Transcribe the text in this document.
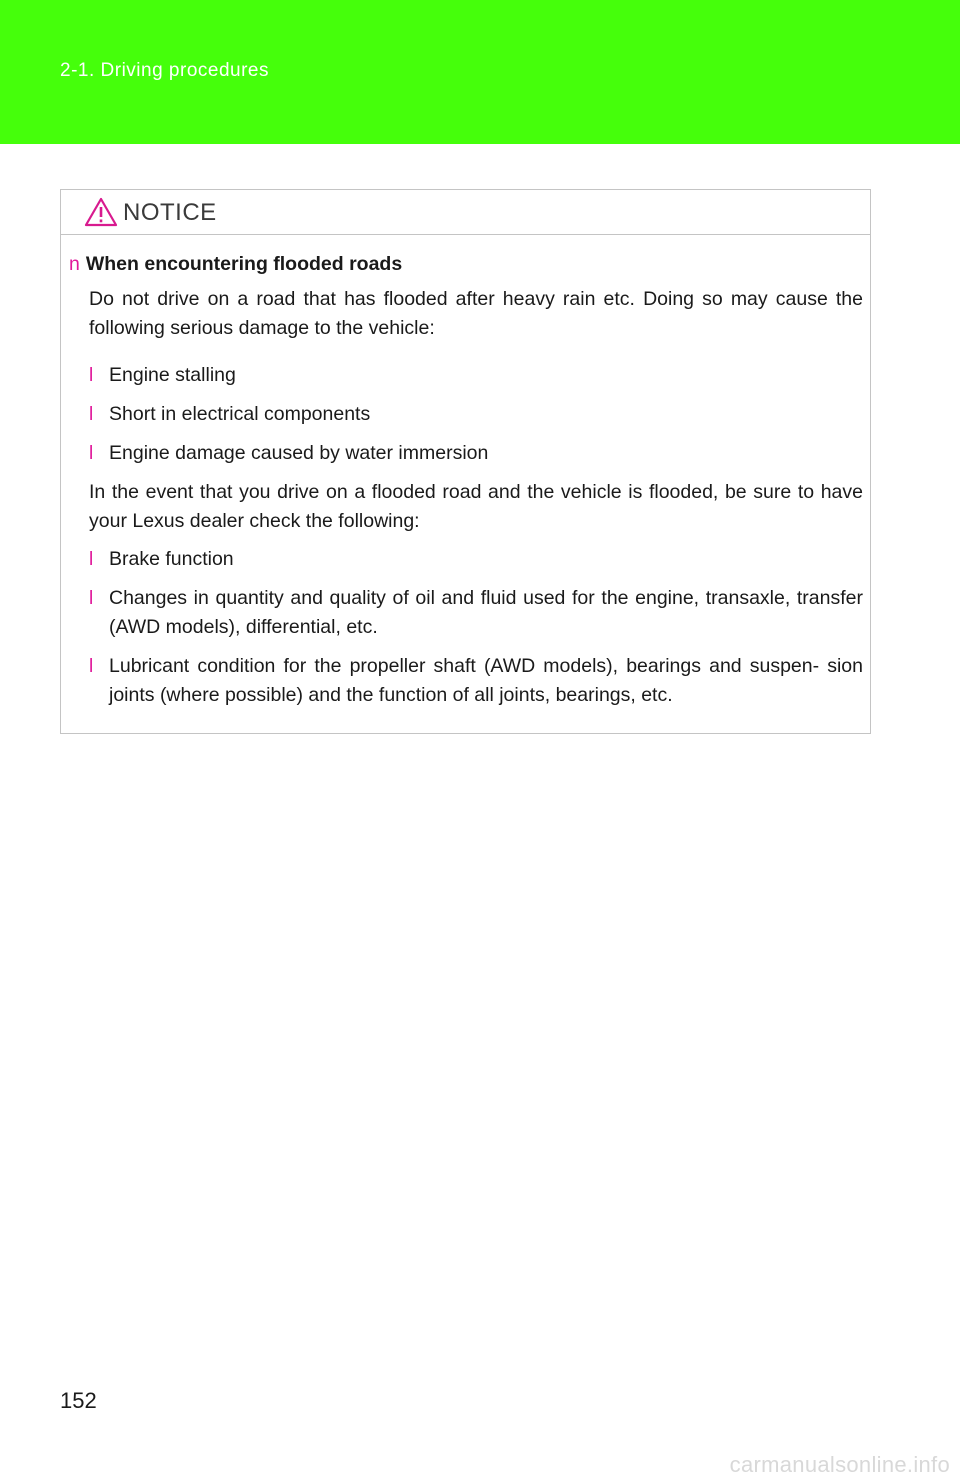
2-1. Driving procedures
NOTICE
n When encountering flooded roads
Do not drive on a road that has flooded after heavy rain etc. Doing so may cause the following serious damage to the vehicle:
l Engine stalling
l Short in electrical components
l Engine damage caused by water immersion
In the event that you drive on a flooded road and the vehicle is flooded, be sure to have your Lexus dealer check the following:
l Brake function
l Changes in quantity and quality of oil and fluid used for the engine, transaxle, transfer (AWD models), differential, etc.
l Lubricant condition for the propeller shaft (AWD models), bearings and suspen- sion joints (where possible) and the function of all joints, bearings, etc.
152
carmanualsonline.info
